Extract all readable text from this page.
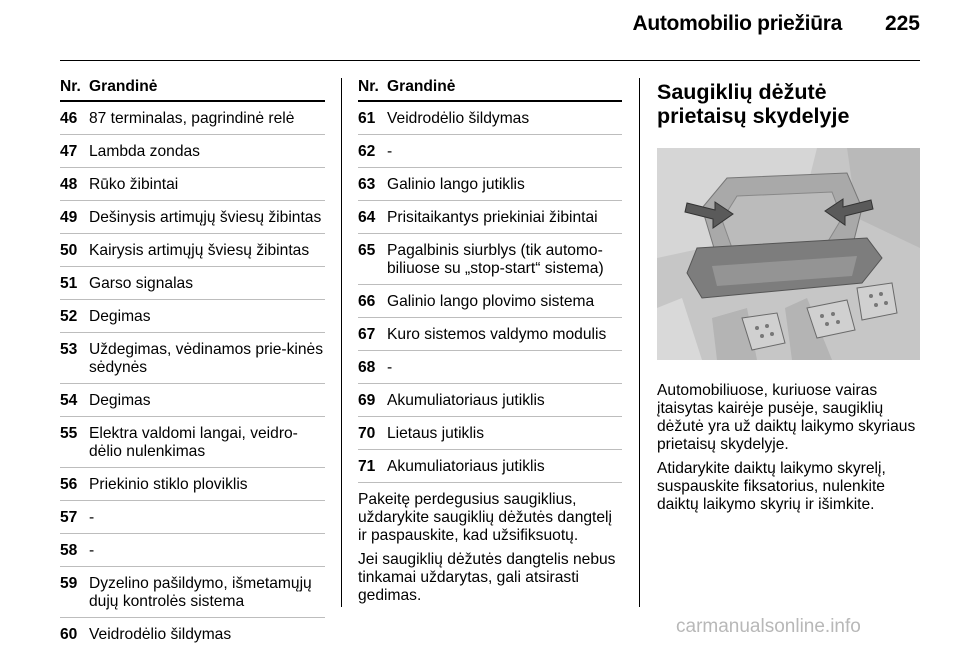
Automobilio priežiūra	225
Nr. Grandinė
46 87 terminalas, pagrindinė relė
47 Lambda zondas
48 Rūko žibintai
49 Dešinysis artimųjų šviesų žibintas
50 Kairysis artimųjų šviesų žibintas
51 Garso signalas
52 Degimas
53 Uždegimas, vėdinamos prie-kinės sėdynės
54 Degimas
55 Elektra valdomi langai, veidro-dėlio nulenkimas
56 Priekinio stiklo ploviklis
57 -
58 -
59 Dyzelino pašildymo, išmetamųjų dujų kontrolės sistema
60 Veidrodėlio šildymas
Nr. Grandinė
61 Veidrodėlio šildymas
62 -
63 Galinio lango jutiklis
64 Prisitaikantys priekiniai žibintai
65 Pagalbinis siurblys (tik automo-biliuose su „stop-start“ sistema)
66 Galinio lango plovimo sistema
67 Kuro sistemos valdymo modulis
68 -
69 Akumuliatoriaus jutiklis
70 Lietaus jutiklis
71 Akumuliatoriaus jutiklis

Pakeitę perdegusius saugiklius, uždarykite saugiklių dėžutės dangtelį ir paspauskite, kad užsifiksuotų.

Jei saugiklių dėžutės dangtelis nebus tinkamai uždarytas, gali atsirasti gedimas.

Saugiklių dėžutė prietaisų skydelyje

Automobiliuose, kuriuose vairas įtaisytas kairėje pusėje, saugiklių dėžutė yra už daiktų laikymo skyriaus prietaisų skydelyje.

Atidarykite daiktų laikymo skyrelį, suspauskite fiksatorius, nulenkite daiktų laikymo skyrių ir išimkite.

carmanualsonline.info
